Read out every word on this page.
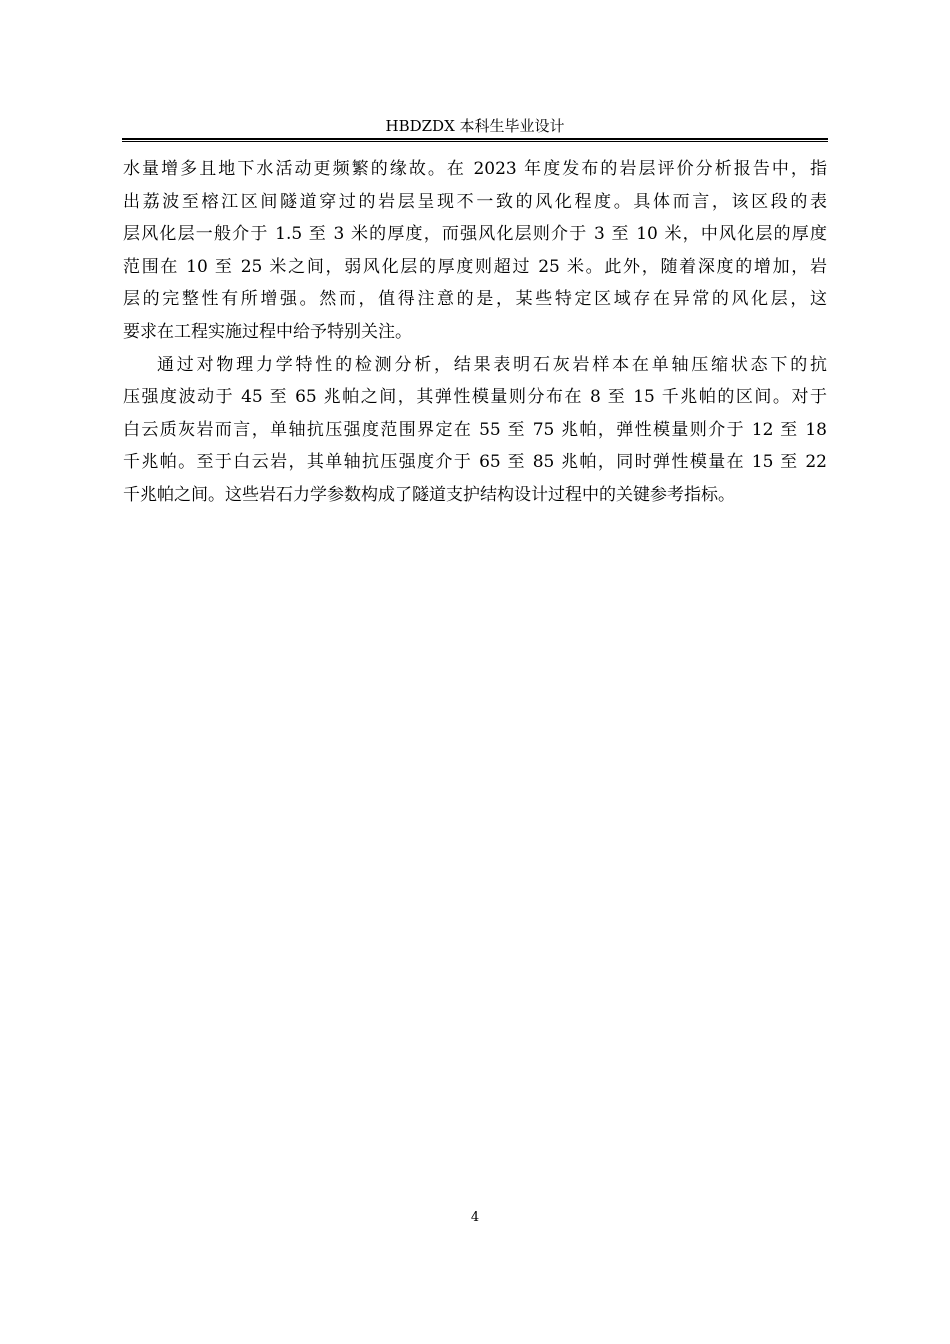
HBDZDX 本科生毕业设计
水量增多且地下水活动更频繁的缘故。在 2023 年度发布的岩层评价分析报告中，指
出荔波至榕江区间隧道穿过的岩层呈现不一致的风化程度。具体而言，该区段的表
层风化层一般介于 1.5 至 3 米的厚度，而强风化层则介于 3 至 10 米，中风化层的厚度
范围在 10 至 25 米之间，弱风化层的厚度则超过 25 米。此外，随着深度的增加，岩
层的完整性有所增强。然而，值得注意的是，某些特定区域存在异常的风化层，这
要求在工程实施过程中给予特别关注。
通过对物理力学特性的检测分析，结果表明石灰岩样本在单轴压缩状态下的抗
压强度波动于 45 至 65 兆帕之间，其弹性模量则分布在 8 至 15 千兆帕的区间。对于
白云质灰岩而言，单轴抗压强度范围界定在 55 至 75 兆帕，弹性模量则介于 12 至 18
千兆帕。至于白云岩，其单轴抗压强度介于 65 至 85 兆帕，同时弹性模量在 15 至 22
千兆帕之间。这些岩石力学参数构成了隧道支护结构设计过程中的关键参考指标。
4
